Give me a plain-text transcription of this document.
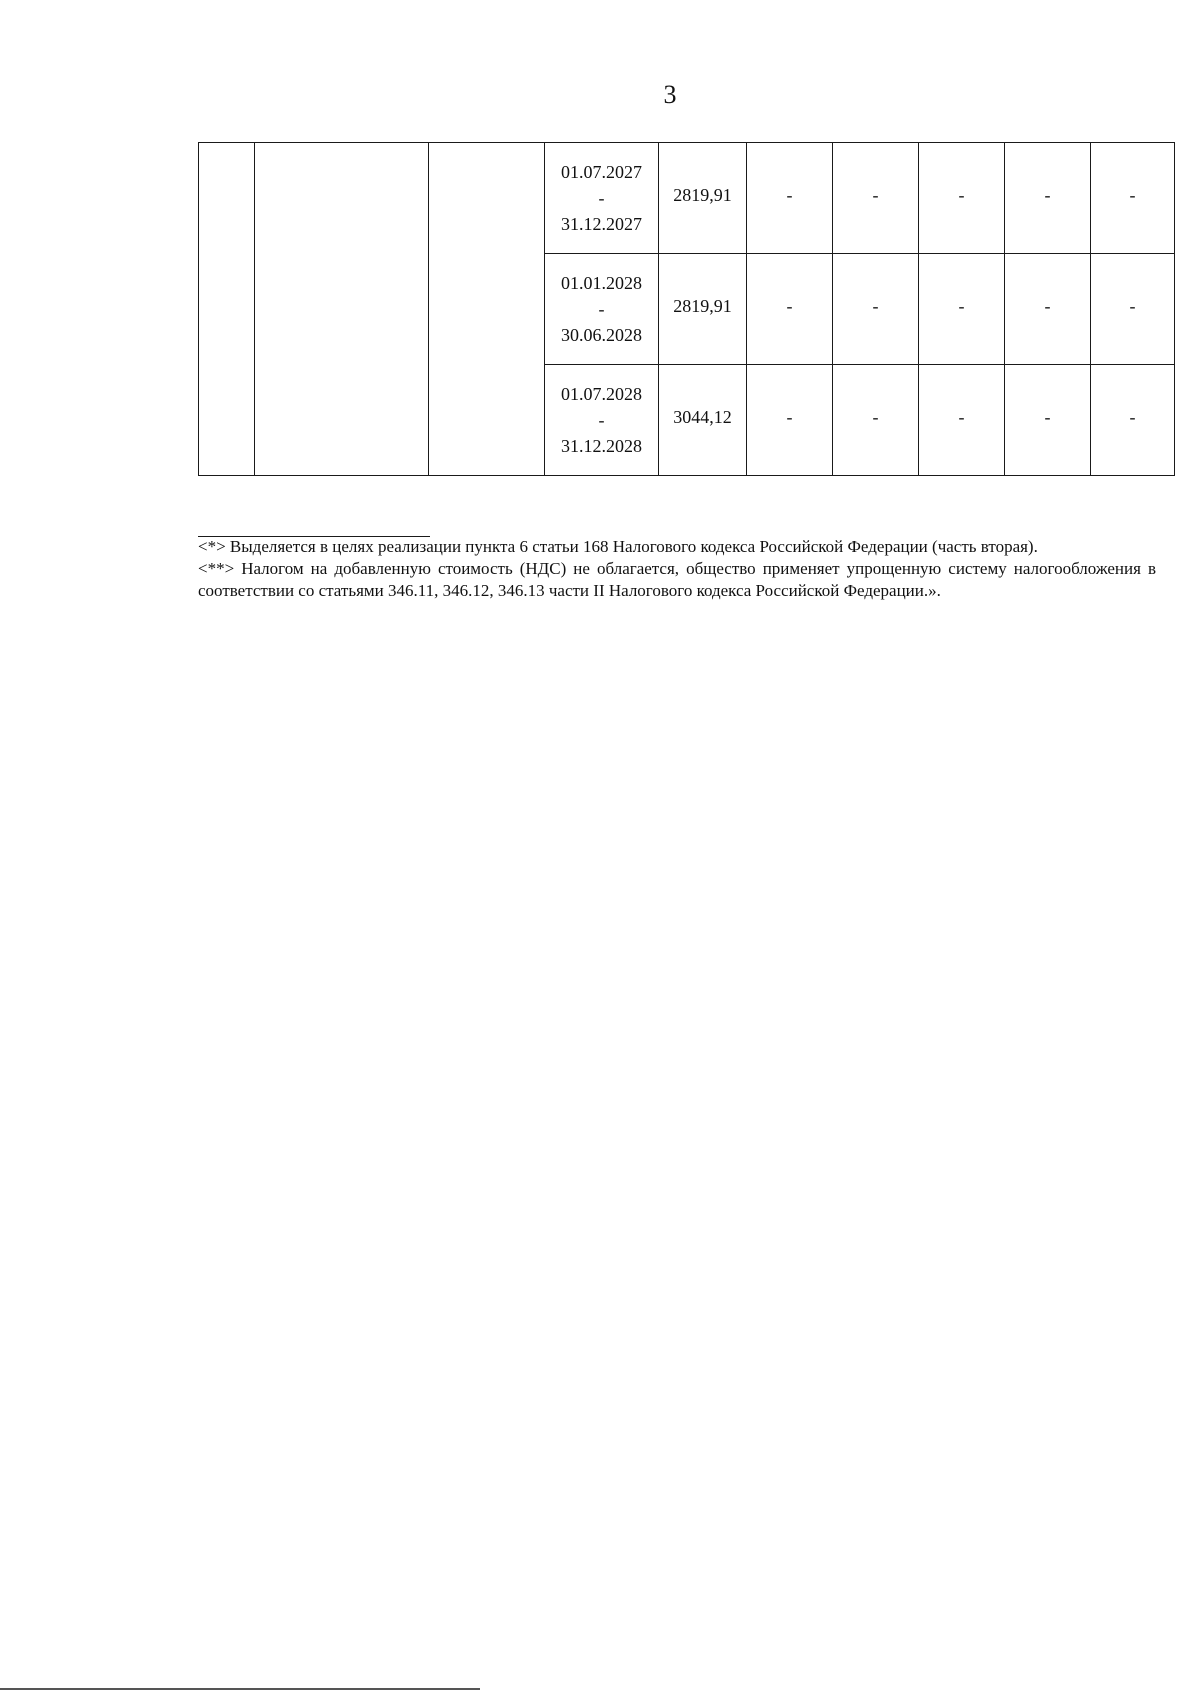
3

			01.07.2027
-
31.12.2027	2819,91	-	-	-	-	-

			01.01.2028
-
30.06.2028	2819,91	-	-	-	-	-

			01.07.2028
-
31.12.2028	3044,12	-	-	-	-	-

<*> Выделяется в целях реализации пункта 6 статьи 168 Налогового кодекса Российской Федерации (часть вторая).

<**> Налогом на добавленную стоимость (НДС) не облагается, общество применяет упрощенную систему налогообложения в соответствии со статьями 346.11, 346.12, 346.13 части II Налогового кодекса Российской Федерации.».
